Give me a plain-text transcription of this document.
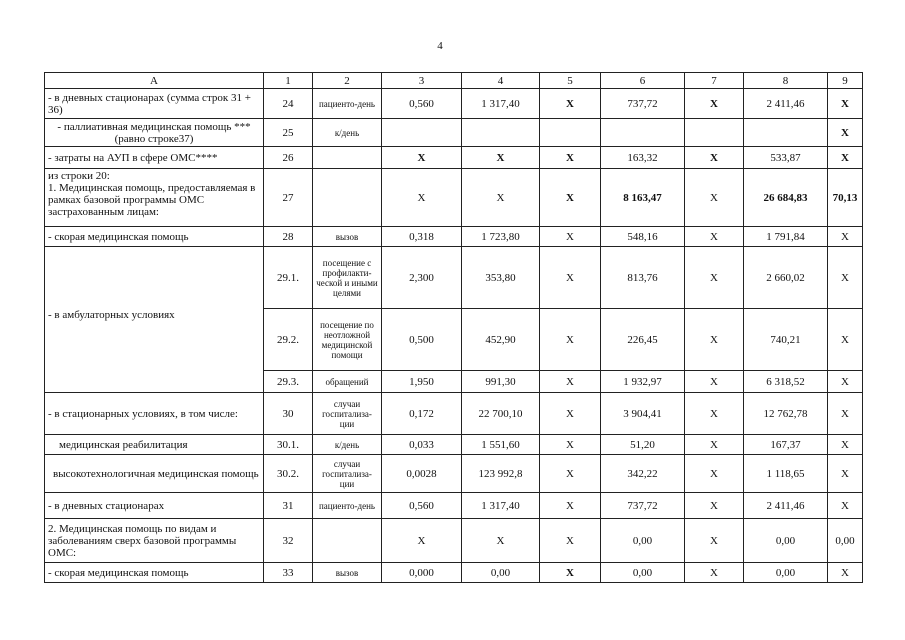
4
А	1	2	3	4	5	6	7	8	9
- в дневных стационарах (сумма строк 31 + 36)	24	пациенто-день	0,560	1 317,40	X	737,72	X	2 411,46	X
- паллиативная медицинская помощь *** (равно строке37)	25	к/день							X
- затраты на АУП в сфере ОМС****	26		X	X	X	163,32	X	533,87	X

из строки 20:
1. Медицинская помощь, предоставляемая в рамках базовой программы ОМС застрахованным лицам:	27		X	X	X	8 163,47	X	26 684,83	70,13
- скорая медицинская помощь	28	вызов	0,318	1 723,80	X	548,16	X	1 791,84	X
- в амбулаторных условиях	29.1.	посещение с профилакти-ческой и иными целями	2,300	353,80	X	813,76	X	2 660,02	X
	29.2.	посещение по неотложной медицинской помощи	0,500	452,90	X	226,45	X	740,21	X
	29.3.	обращений	1,950	991,30	X	1 932,97	X	6 318,52	X
- в стационарных условиях, в том числе:	30	случаи госпитализа-ции	0,172	22 700,10	X	3 904,41	X	12 762,78	X
медицинская реабилитация	30.1.	к/день	0,033	1 551,60	X	51,20	X	167,37	X
высокотехнологичная медицинская помощь	30.2.	случаи госпитализа-ции	0,0028	123 992,8	X	342,22	X	1 118,65	X
- в дневных стационарах	31	пациенто-день	0,560	1 317,40	X	737,72	X	2 411,46	X
2. Медицинская помощь по видам и заболеваниям сверх базовой программы ОМС:	32		X	X	X	0,00	X	0,00	0,00
- скорая медицинская помощь	33	вызов	0,000	0,00	X	0,00	X	0,00	X
